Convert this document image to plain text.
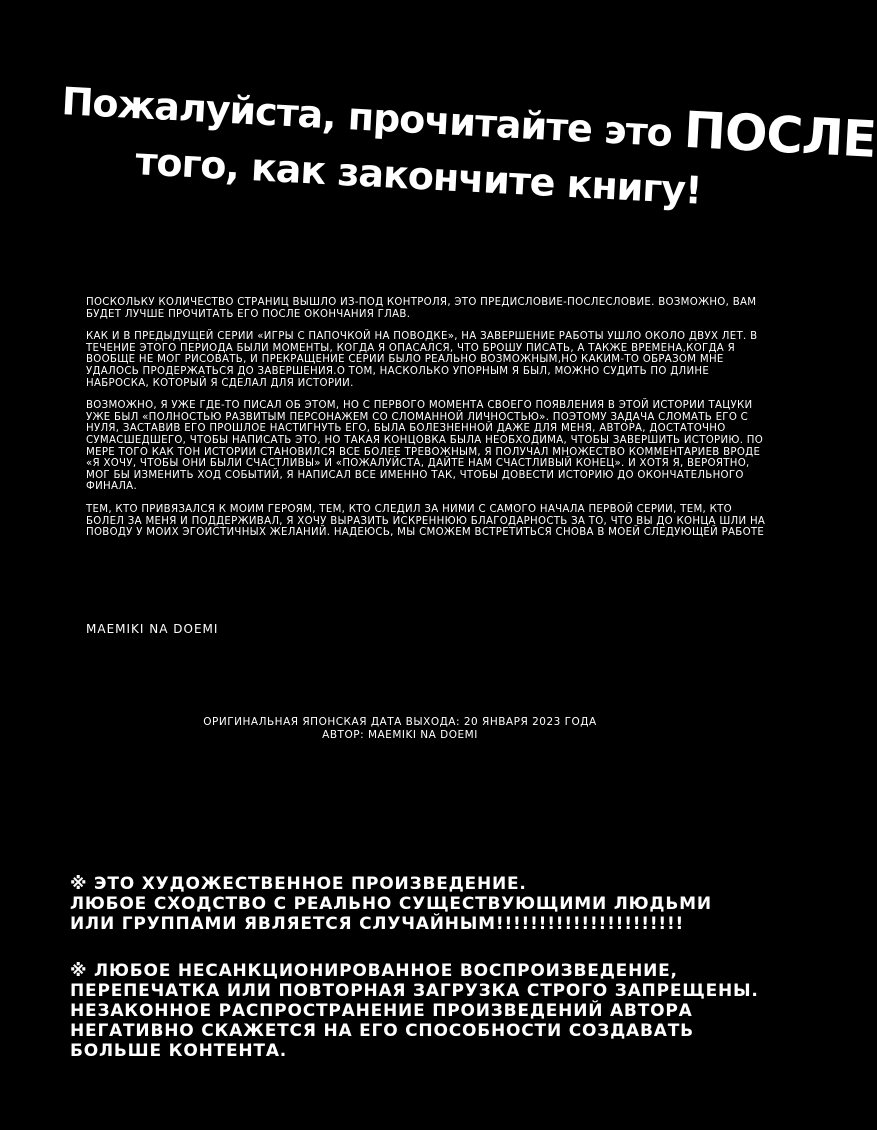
Пожалуйста, прочитайте это ПОСЛЕ
того, как закончите книгу!

ПОСКОЛЬКУ КОЛИЧЕСТВО СТРАНИЦ ВЫШЛО ИЗ-ПОД КОНТРОЛЯ, ЭТО ПРЕДИСЛОВИЕ-ПОСЛЕСЛОВИЕ. ВОЗМОЖНО, ВАМ БУДЕТ ЛУЧШЕ ПРОЧИТАТЬ ЕГО ПОСЛЕ ОКОНЧАНИЯ ГЛАВ.

КАК И В ПРЕДЫДУЩЕЙ СЕРИИ «ИГРЫ С ПАПОЧКОЙ НА ПОВОДКЕ», НА ЗАВЕРШЕНИЕ РАБОТЫ УШЛО ОКОЛО ДВУХ ЛЕТ. В ТЕЧЕНИЕ ЭТОГО ПЕРИОДА БЫЛИ МОМЕНТЫ, КОГДА Я ОПАСАЛСЯ, ЧТО БРОШУ ПИСАТЬ, А ТАКЖЕ ВРЕМЕНА,КОГДА Я ВООБЩЕ НЕ МОГ РИСОВАТЬ, И ПРЕКРАЩЕНИЕ СЕРИИ БЫЛО РЕАЛЬНО ВОЗМОЖНЫМ,НО КАКИМ-ТО ОБРАЗОМ МНЕ УДАЛОСЬ ПРОДЕРЖАТЬСЯ ДО ЗАВЕРШЕНИЯ.О ТОМ, НАСКОЛЬКО УПОРНЫМ Я БЫЛ, МОЖНО СУДИТЬ ПО ДЛИНЕ НАБРОСКА, КОТОРЫЙ Я СДЕЛАЛ ДЛЯ ИСТОРИИ.

ВОЗМОЖНО, Я УЖЕ ГДЕ-ТО ПИСАЛ ОБ ЭТОМ, НО С ПЕРВОГО МОМЕНТА СВОЕГО ПОЯВЛЕНИЯ В ЭТОЙ ИСТОРИИ ТАЦУКИ УЖЕ БЫЛ «ПОЛНОСТЬЮ РАЗВИТЫМ ПЕРСОНАЖЕМ СО СЛОМАННОЙ ЛИЧНОСТЬЮ». ПОЭТОМУ ЗАДАЧА СЛОМАТЬ ЕГО С НУЛЯ, ЗАСТАВИВ ЕГО ПРОШЛОЕ НАСТИГНУТЬ ЕГО, БЫЛА БОЛЕЗНЕННОЙ ДАЖЕ ДЛЯ МЕНЯ, АВТОРА, ДОСТАТОЧНО СУМАСШЕДШЕГО, ЧТОБЫ НАПИСАТЬ ЭТО, НО ТАКАЯ КОНЦОВКА БЫЛА НЕОБХОДИМА, ЧТОБЫ ЗАВЕРШИТЬ ИСТОРИЮ. ПО МЕРЕ ТОГО КАК ТОН ИСТОРИИ СТАНОВИЛСЯ ВСЕ БОЛЕЕ ТРЕВОЖНЫМ, Я ПОЛУЧАЛ МНОЖЕСТВО КОММЕНТАРИЕВ ВРОДЕ «Я ХОЧУ, ЧТОБЫ ОНИ БЫЛИ СЧАСТЛИВЫ» И «ПОЖАЛУЙСТА, ДАЙТЕ НАМ СЧАСТЛИВЫЙ КОНЕЦ». И ХОТЯ Я, ВЕРОЯТНО, МОГ БЫ ИЗМЕНИТЬ ХОД СОБЫТИЙ, Я НАПИСАЛ ВСЕ ИМЕННО ТАК, ЧТОБЫ ДОВЕСТИ ИСТОРИЮ ДО ОКОНЧАТЕЛЬНОГО ФИНАЛА.

ТЕМ, КТО ПРИВЯЗАЛСЯ К МОИМ ГЕРОЯМ, ТЕМ, КТО СЛЕДИЛ ЗА НИМИ С САМОГО НАЧАЛА ПЕРВОЙ СЕРИИ, ТЕМ, КТО БОЛЕЛ ЗА МЕНЯ И ПОДДЕРЖИВАЛ, Я ХОЧУ ВЫРАЗИТЬ ИСКРЕННЮЮ БЛАГОДАРНОСТЬ ЗА ТО, ЧТО ВЫ ДО КОНЦА ШЛИ НА ПОВОДУ У МОИХ ЭГОИСТИЧНЫХ ЖЕЛАНИЙ. НАДЕЮСЬ, МЫ СМОЖЕМ ВСТРЕТИТЬСЯ СНОВА В МОЕЙ СЛЕДУЮЩЕЙ РАБОТЕ

MAEMIKI NA DOEMI
ОРИГИНАЛЬНАЯ ЯПОНСКАЯ ДАТА ВЫХОДА: 20 ЯНВАРЯ 2023 ГОДА
АВТОР: MAEMIKI NA DOEMI
※ ЭТО ХУДОЖЕСТВЕННОЕ ПРОИЗВЕДЕНИЕ.
ЛЮБОЕ СХОДСТВО С РЕАЛЬНО СУЩЕСТВУЮЩИМИ ЛЮДЬМИ
ИЛИ ГРУППАМИ ЯВЛЯЕТСЯ СЛУЧАЙНЫМ!!!!!!!!!!!!!!!!!!!!!!
※ ЛЮБОЕ НЕСАНКЦИОНИРОВАННОЕ ВОСПРОИЗВЕДЕНИЕ,
ПЕРЕПЕЧАТКА ИЛИ ПОВТОРНАЯ ЗАГРУЗКА СТРОГО ЗАПРЕЩЕНЫ.
НЕЗАКОННОЕ РАСПРОСТРАНЕНИЕ ПРОИЗВЕДЕНИЙ АВТОРА
НЕГАТИВНО СКАЖЕТСЯ НА ЕГО СПОСОБНОСТИ СОЗДАВАТЬ
БОЛЬШЕ КОНТЕНТА.
